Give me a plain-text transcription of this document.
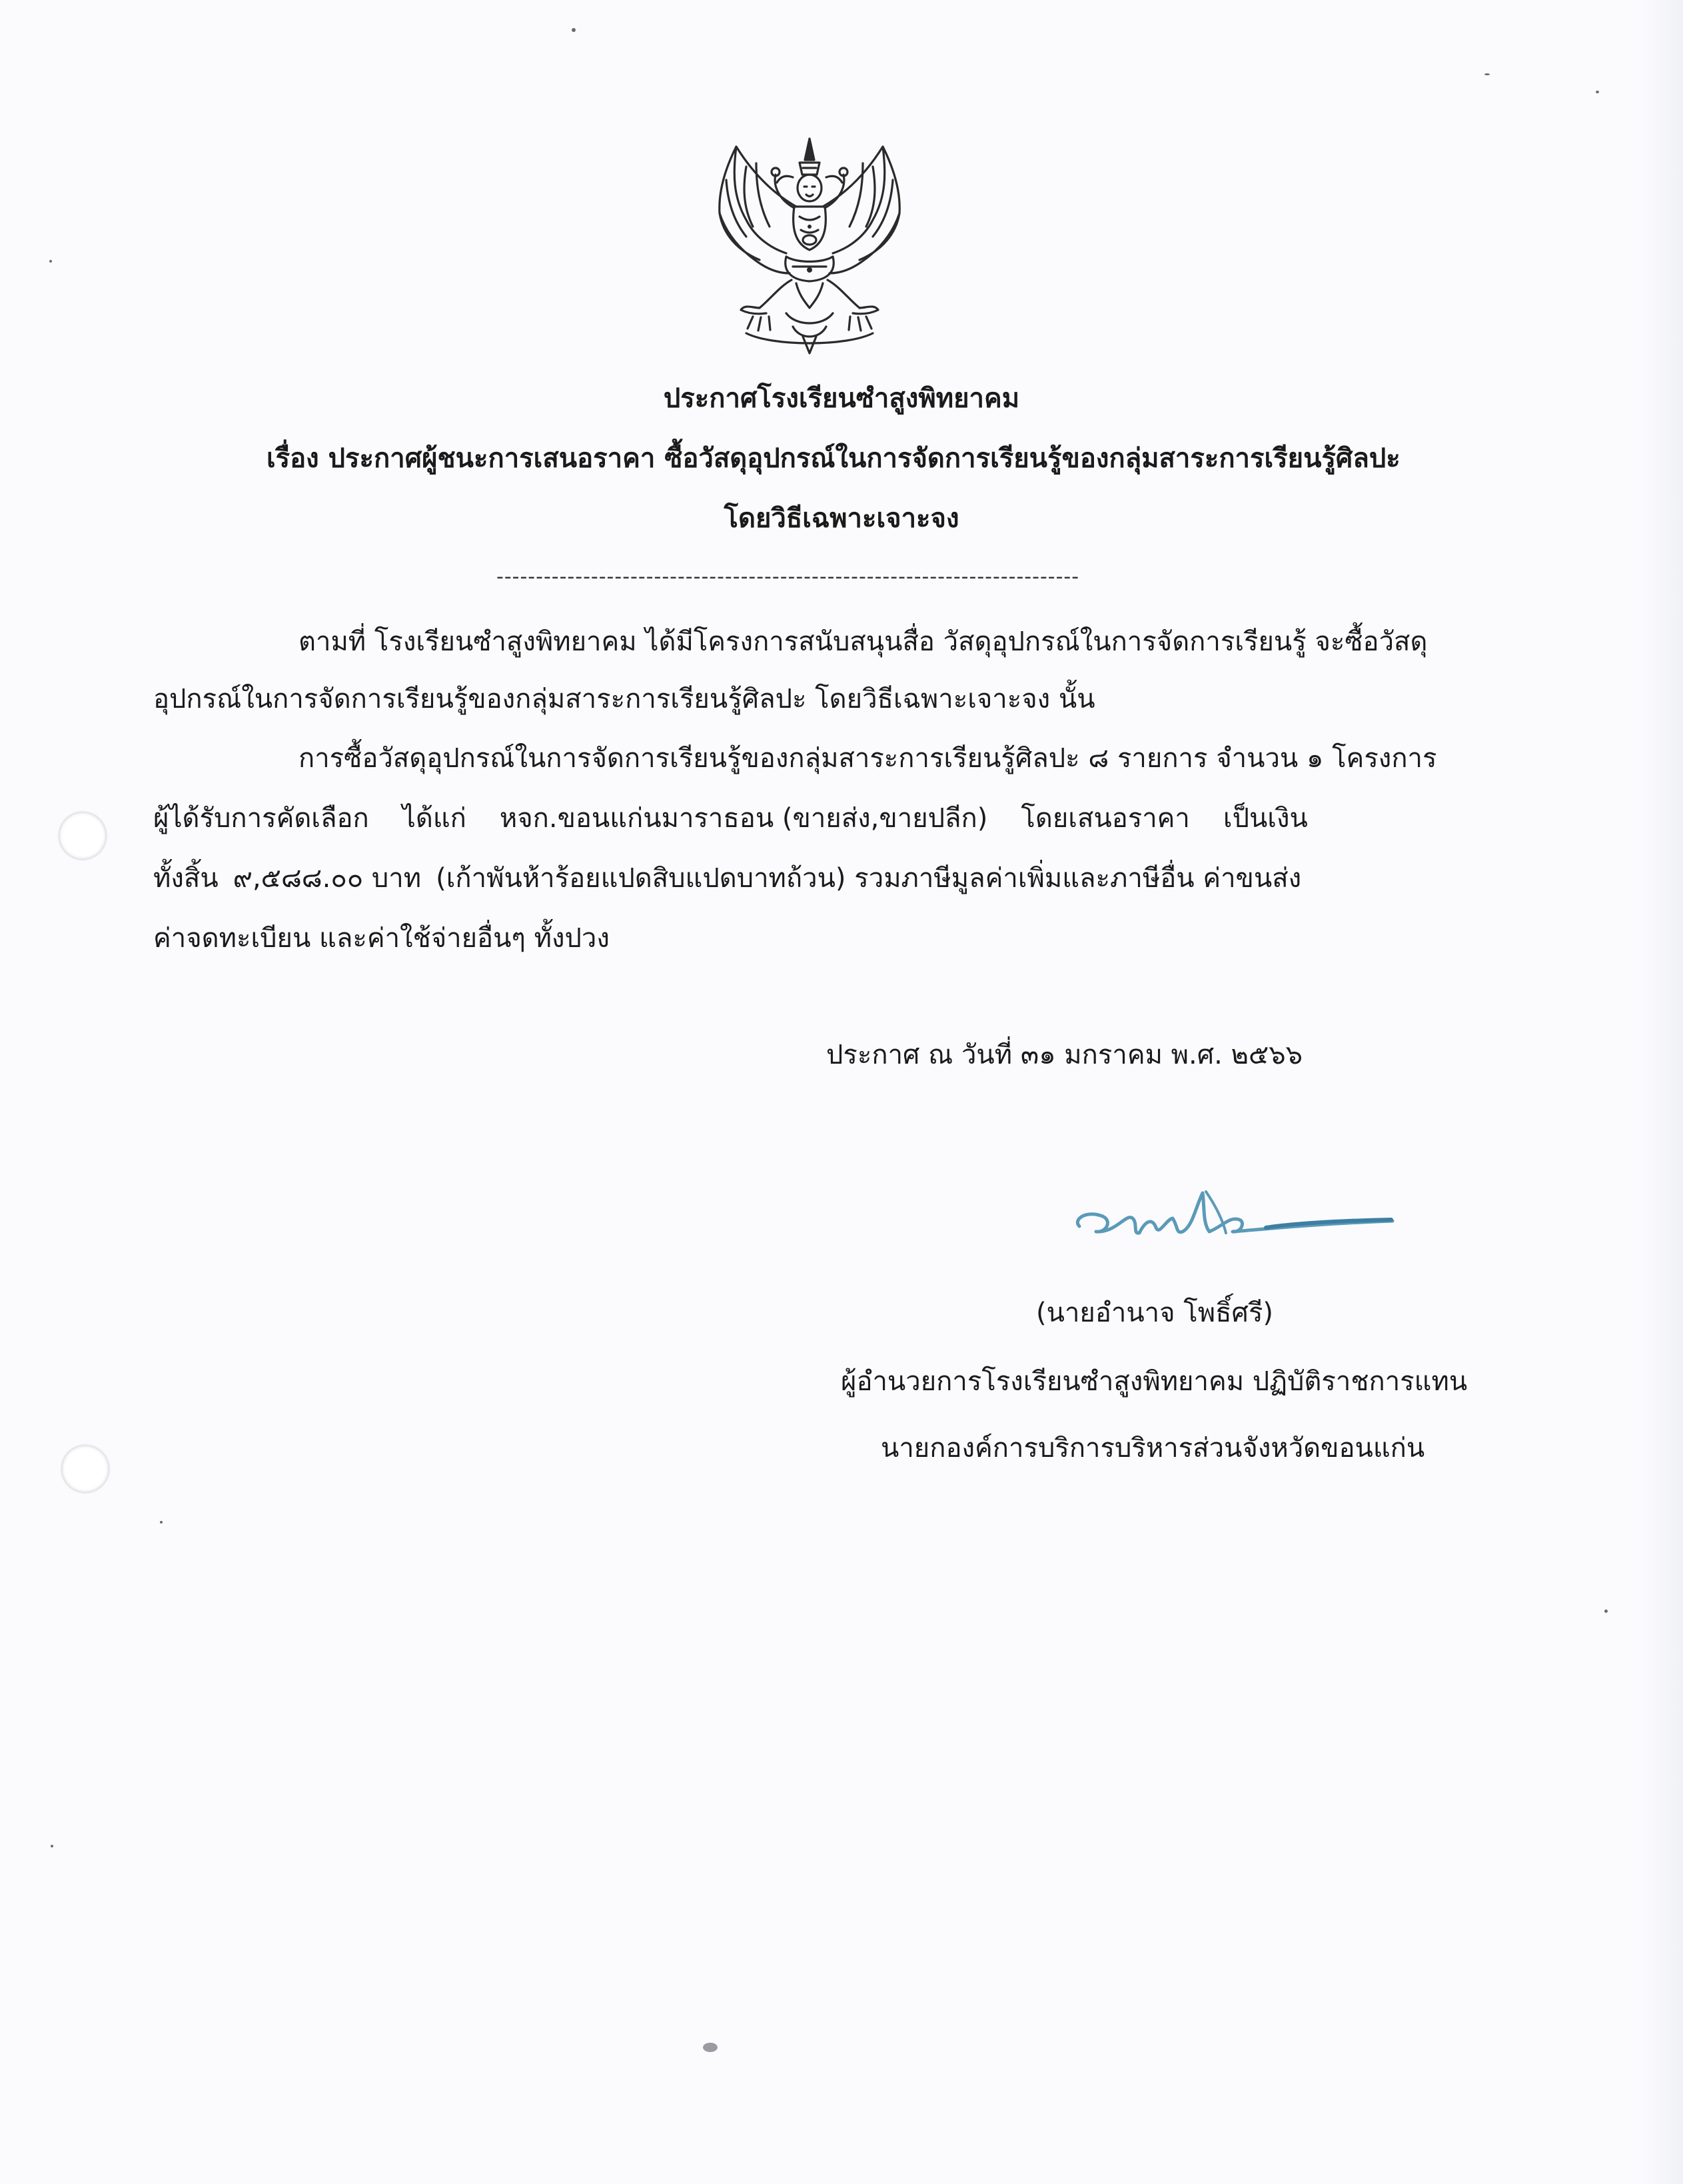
ประกาศโรงเรียนซำสูงพิทยาคม
เรื่อง ประกาศผู้ชนะการเสนอราคา ซื้อวัสดุอุปกรณ์ในการจัดการเรียนรู้ของกลุ่มสาระการเรียนรู้ศิลปะ
โดยวิธีเฉพาะเจาะจง
--------------------------------------------------------------------------
ตามที่ โรงเรียนซำสูงพิทยาคม ได้มีโครงการสนับสนุนสื่อ วัสดุอุปกรณ์ในการจัดการเรียนรู้ จะซื้อวัสดุ
อุปกรณ์ในการจัดการเรียนรู้ของกลุ่มสาระการเรียนรู้ศิลปะ โดยวิธีเฉพาะเจาะจง นั้น
การซื้อวัสดุอุปกรณ์ในการจัดการเรียนรู้ของกลุ่มสาระการเรียนรู้ศิลปะ ๘ รายการ จำนวน ๑ โครงการ
ผู้ได้รับการคัดเลือก ได้แก่ หจก.ขอนแก่นมาราธอน (ขายส่ง,ขายปลีก) โดยเสนอราคา เป็นเงิน
ทั้งสิ้น ๙,๕๘๘.๐๐ บาท (เก้าพันห้าร้อยแปดสิบแปดบาทถ้วน) รวมภาษีมูลค่าเพิ่มและภาษีอื่น ค่าขนส่ง
ค่าจดทะเบียน และค่าใช้จ่ายอื่นๆ ทั้งปวง
ประกาศ ณ วันที่ ๓๑ มกราคม พ.ศ. ๒๕๖๖
(นายอำนาจ โพธิ์ศรี)
ผู้อำนวยการโรงเรียนซำสูงพิทยาคม ปฏิบัติราชการแทน
นายกองค์การบริการบริหารส่วนจังหวัดขอนแก่น
